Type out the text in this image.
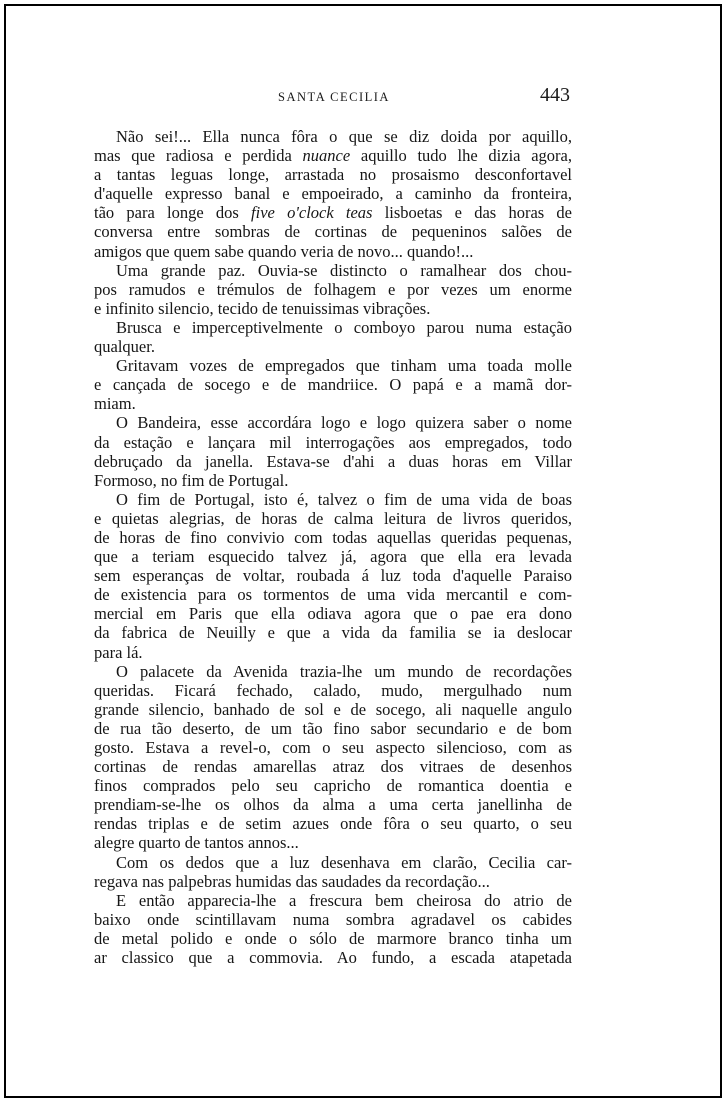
SANTA CECILIA	443
Não sei!... Ella nunca fôra o que se diz doida por aquillo,
mas que radiosa e perdida nuance aquillo tudo lhe dizia agora,
a tantas leguas longe, arrastada no prosaismo desconfortavel
d'aquelle expresso banal e empoeirado, a caminho da fronteira,
tão para longe dos five o'clock teas lisboetas e das horas de
conversa entre sombras de cortinas de pequeninos salões de
amigos que quem sabe quando veria de novo... quando!...
Uma grande paz. Ouvia-se distincto o ramalhear dos chou-
pos ramudos e trémulos de folhagem e por vezes um enorme
e infinito silencio, tecido de tenuissimas vibrações.
Brusca e imperceptivelmente o comboyo parou numa estação
qualquer.
Gritavam vozes de empregados que tinham uma toada molle
e cançada de socego e de mandriice. O papá e a mamã dor-
miam.
O Bandeira, esse accordára logo e logo quizera saber o nome
da estação e lançara mil interrogações aos empregados, todo
debruçado da janella. Estava-se d'ahi a duas horas em Villar
Formoso, no fim de Portugal.
O fim de Portugal, isto é, talvez o fim de uma vida de boas
e quietas alegrias, de horas de calma leitura de livros queridos,
de horas de fino convivio com todas aquellas queridas pequenas,
que a teriam esquecido talvez já, agora que ella era levada
sem esperanças de voltar, roubada á luz toda d'aquelle Paraiso
de existencia para os tormentos de uma vida mercantil e com-
mercial em Paris que ella odiava agora que o pae era dono
da fabrica de Neuilly e que a vida da familia se ia deslocar
para lá.
O palacete da Avenida trazia-lhe um mundo de recordações
queridas. Ficará fechado, calado, mudo, mergulhado num
grande silencio, banhado de sol e de socego, ali naquelle angulo
de rua tão deserto, de um tão fino sabor secundario e de bom
gosto. Estava a revel-o, com o seu aspecto silencioso, com as
cortinas de rendas amarellas atraz dos vitraes de desenhos
finos comprados pelo seu capricho de romantica doentia e
prendiam-se-lhe os olhos da alma a uma certa janellinha de
rendas triplas e de setim azues onde fôra o seu quarto, o seu
alegre quarto de tantos annos...
Com os dedos que a luz desenhava em clarão, Cecilia car-
regava nas palpebras humidas das saudades da recordação...
E então apparecia-lhe a frescura bem cheirosa do atrio de
baixo onde scintillavam numa sombra agradavel os cabides
de metal polido e onde o sólo de marmore branco tinha um
ar classico que a commovia. Ao fundo, a escada atapetada
